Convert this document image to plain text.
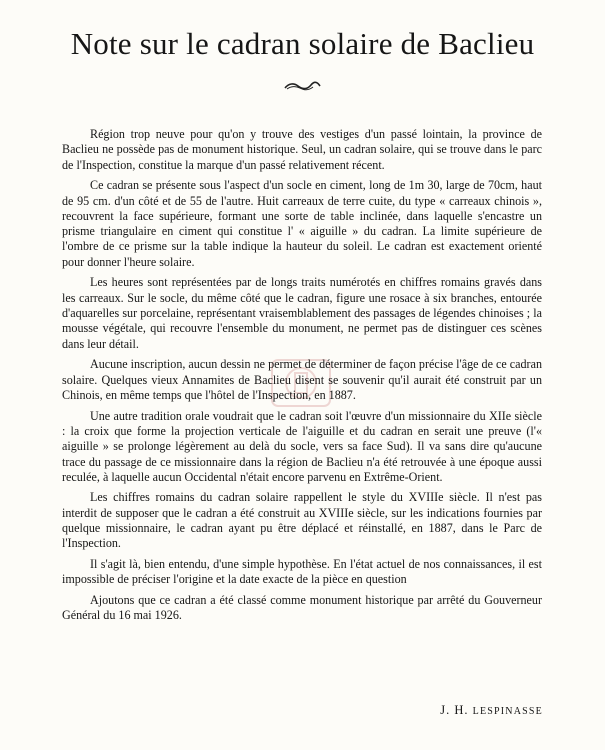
Note sur le cadran solaire de Baclieu

Région trop neuve pour qu'on y trouve des vestiges d'un passé lointain, la province de Baclieu ne possède pas de monument historique. Seul, un cadran solaire, qui se trouve dans le parc de l'Inspection, constitue la marque d'un passé relativement récent.

Ce cadran se présente sous l'aspect d'un socle en ciment, long de 1m 30, large de 70cm, haut de 95 cm. d'un côté et de 55 de l'autre. Huit carreaux de terre cuite, du type « carreaux chinois », recouvrent la face supérieure, formant une sorte de table inclinée, dans laquelle s'encastre un prisme triangulaire en ciment qui constitue l' « aiguille » du cadran. La limite supérieure de l'ombre de ce prisme sur la table indique la hauteur du soleil. Le cadran est exactement orienté pour donner l'heure solaire.

Les heures sont représentées par de longs traits numérotés en chiffres romains gravés dans les carreaux. Sur le socle, du même côté que le cadran, figure une rosace à six branches, entourée d'aquarelles sur porcelaine, représentant vraisemblablement des passages de légendes chinoises ; la mousse végétale, qui recouvre l'ensemble du monument, ne permet pas de distinguer ces scènes dans leur détail.

Aucune inscription, aucun dessin ne permet de déterminer de façon précise l'âge de ce cadran solaire. Quelques vieux Annamites de Baclieu disent se souvenir qu'il aurait été construit par un Chinois, en même temps que l'hôtel de l'Inspection, en 1887.

Une autre tradition orale voudrait que le cadran soit l'œuvre d'un missionnaire du XIIe siècle : la croix que forme la projection verticale de l'aiguille et du cadran en serait une preuve (l'« aiguille » se prolonge légèrement au delà du socle, vers sa face Sud). Il va sans dire qu'aucune trace du passage de ce missionnaire dans la région de Baclieu n'a été retrouvée à une époque aussi reculée, à laquelle aucun Occidental n'était encore parvenu en Extrême-Orient.

Les chiffres romains du cadran solaire rappellent le style du XVIIIe siècle. Il n'est pas interdit de supposer que le cadran a été construit au XVIIIe siècle, sur les indications fournies par quelque missionnaire, le cadran ayant pu être déplacé et réinstallé, en 1887, dans le Parc de l'Inspection.

Il s'agit là, bien entendu, d'une simple hypothèse. En l'état actuel de nos connaissances, il est impossible de préciser l'origine et la date exacte de la pièce en question

Ajoutons que ce cadran a été classé comme monument historique par arrêté du Gouverneur Général du 16 mai 1926.

J. H. LESPINASSE
